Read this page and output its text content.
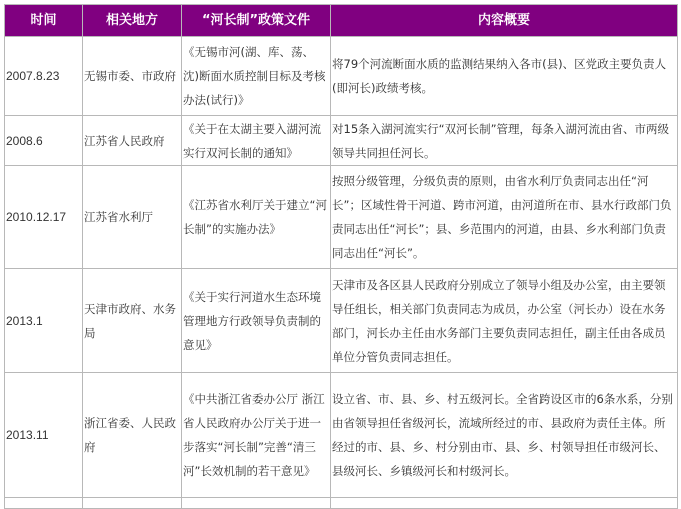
时间	相关地方	“河长制”政策文件	内容概要
2007.8.23	无锡市委、市政府	《无锡市河(湖、库、荡、沈)断面水质控制目标及考核办法(试行)》	将79个河流断面水质的监测结果纳入各市(县)、区党政主要负责人(即河长)政绩考核。
2008.6	江苏省人民政府	《关于在太湖主要入湖河流实行双河长制的通知》	对15条入湖河流实行“双河长制”管理，每条入湖河流由省、市两级领导共同担任河长。
2010.12.17	江苏省水利厅	《江苏省水利厅关于建立“河长制”的实施办法》	按照分级管理，分级负责的原则，由省水利厅负责同志出任“河长”；区域性骨干河道、跨市河道，由河道所在市、县水行政部门负责同志出任“河长”；县、乡范围内的河道，由县、乡水利部门负责同志出任“河长”。
2013.1	天津市政府、水务局	《关于实行河道水生态环境管理地方行政领导负责制的意见》	天津市及各区县人民政府分别成立了领导小组及办公室，由主要领导任组长，相关部门负责同志为成员，办公室（河长办）设在水务部门，河长办主任由水务部门主要负责同志担任，副主任由各成员单位分管负责同志担任。
2013.11	浙江省委、人民政府	《中共浙江省委办公厅 浙江省人民政府办公厅关于进一步落实“河长制”完善“清三河”长效机制的若干意见》	设立省、市、县、乡、村五级河长。全省跨设区市的6条水系，分别由省领导担任省级河长，流域所经过的市、县政府为责任主体。所经过的市、县、乡、村分别由市、县、乡、村领导担任市级河长、县级河长、乡镇级河长和村级河长。
